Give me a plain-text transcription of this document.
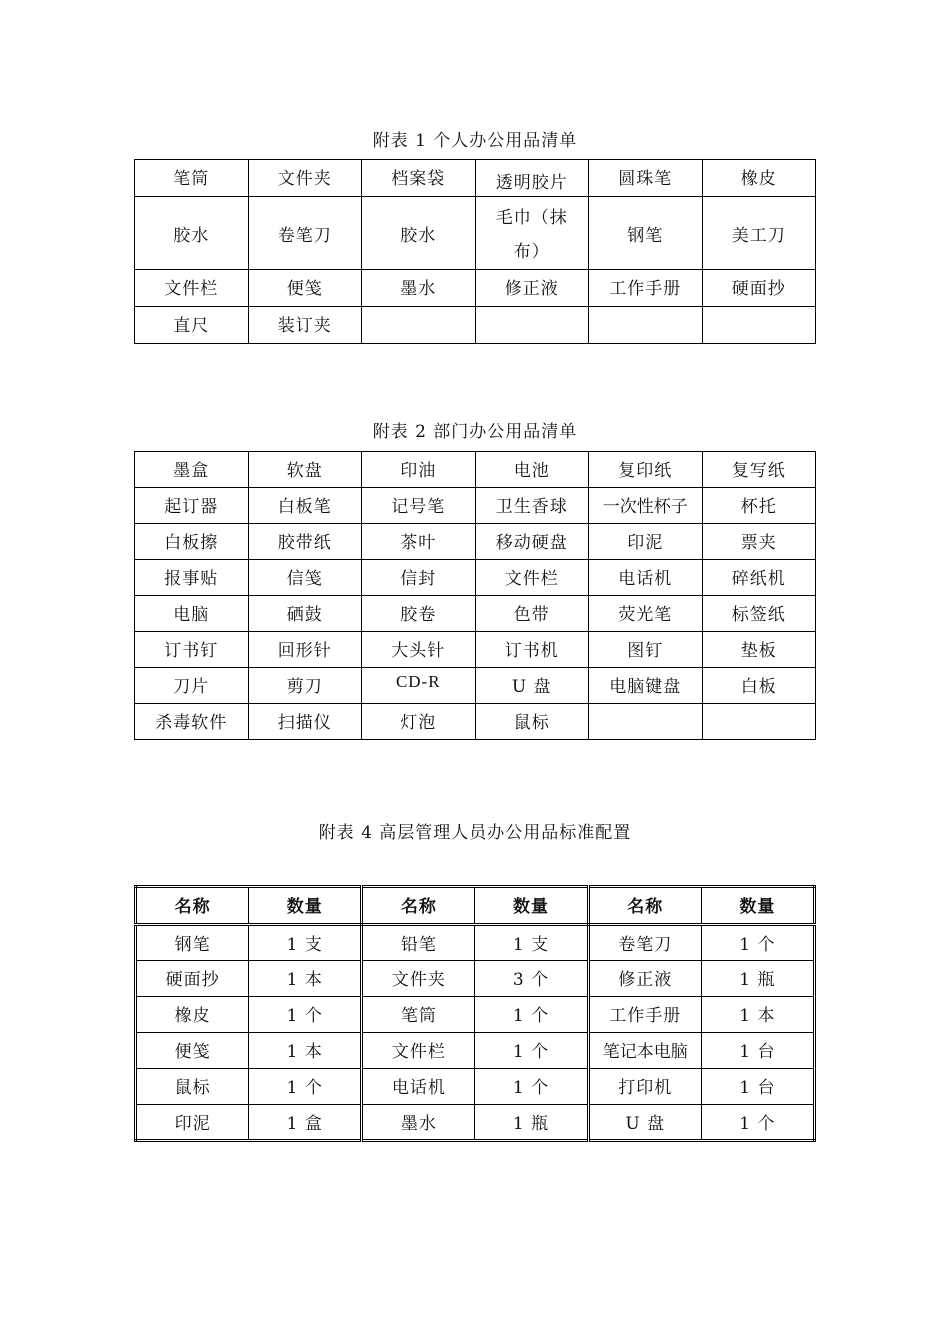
附表 1 个人办公用品清单
笔筒	文件夹	档案袋	透明胶片	圆珠笔	橡皮
胶水	卷笔刀	胶水	毛巾（抹布）	钢笔	美工刀
文件栏	便笺	墨水	修正液	工作手册	硬面抄
直尺	装订夹				
附表 2 部门办公用品清单
墨盒	软盘	印油	电池	复印纸	复写纸
起订器	白板笔	记号笔	卫生香球	一次性杯子	杯托
白板擦	胶带纸	茶叶	移动硬盘	印泥	票夹
报事贴	信笺	信封	文件栏	电话机	碎纸机
电脑	硒鼓	胶卷	色带	荧光笔	标签纸
订书钉	回形针	大头针	订书机	图钉	垫板
刀片	剪刀	CD-R	U 盘	电脑键盘	白板
杀毒软件	扫描仪	灯泡	鼠标		
附表 4 高层管理人员办公用品标准配置
名称	数量	名称	数量	名称	数量
钢笔	1 支	铅笔	1 支	卷笔刀	1 个
硬面抄	1 本	文件夹	3 个	修正液	1 瓶
橡皮	1 个	笔筒	1 个	工作手册	1 本
便笺	1 本	文件栏	1 个	笔记本电脑	1 台
鼠标	1 个	电话机	1 个	打印机	1 台
印泥	1 盒	墨水	1 瓶	U 盘	1 个
